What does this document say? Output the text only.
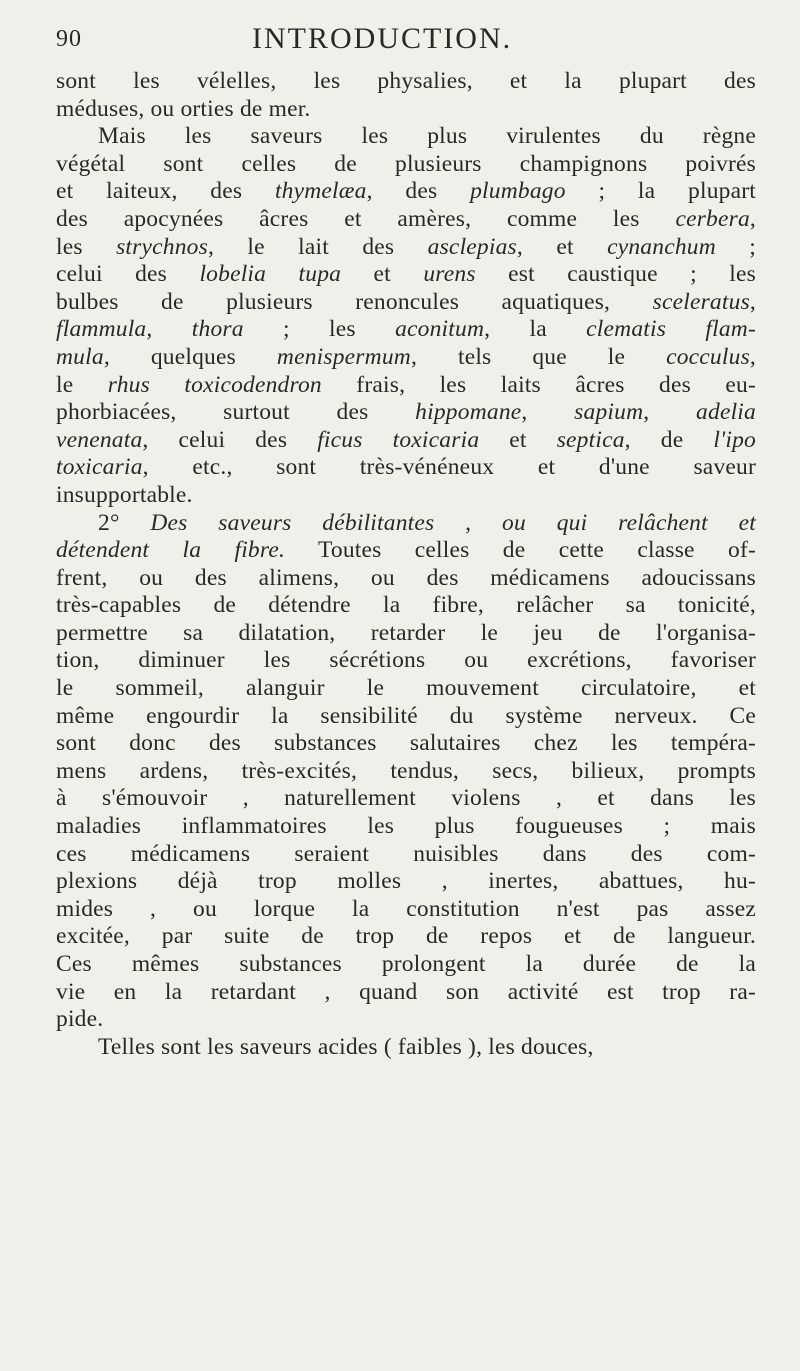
90	INTRODUCTION.
sont les vélelles, les physalies, et la plupart des
méduses, ou orties de mer.
Mais les saveurs les plus virulentes du règne
végétal sont celles de plusieurs champignons poivrés
et laiteux, des thymelæa, des plumbago ; la plupart
des apocynées âcres et amères, comme les cerbera,
les strychnos, le lait des asclepias, et cynanchum ;
celui des lobelia tupa et urens est caustique ; les
bulbes de plusieurs renoncules aquatiques, sceleratus,
flammula, thora ; les aconitum, la clematis flam-
mula, quelques menispermum, tels que le cocculus,
le rhus toxicodendron frais, les laits âcres des eu-
phorbiacées, surtout des hippomane, sapium, adelia
venenata, celui des ficus toxicaria et septica, de l'ipo
toxicaria, etc., sont très-vénéneux et d'une saveur
insupportable.
2° Des saveurs débilitantes , ou qui relâchent et
détendent la fibre. Toutes celles de cette classe of-
frent, ou des alimens, ou des médicamens adoucissans
très-capables de détendre la fibre, relâcher sa tonicité,
permettre sa dilatation, retarder le jeu de l'organisa-
tion, diminuer les sécrétions ou excrétions, favoriser
le sommeil, alanguir le mouvement circulatoire, et
même engourdir la sensibilité du système nerveux. Ce
sont donc des substances salutaires chez les tempéra-
mens ardens, très-excités, tendus, secs, bilieux, prompts
à s'émouvoir , naturellement violens , et dans les
maladies inflammatoires les plus fougueuses ; mais
ces médicamens seraient nuisibles dans des com-
plexions déjà trop molles , inertes, abattues, hu-
mides , ou lorque la constitution n'est pas assez
excitée, par suite de trop de repos et de langueur.
Ces mêmes substances prolongent la durée de la
vie en la retardant , quand son activité est trop ra-
pide.
Telles sont les saveurs acides ( faibles ), les douces,
